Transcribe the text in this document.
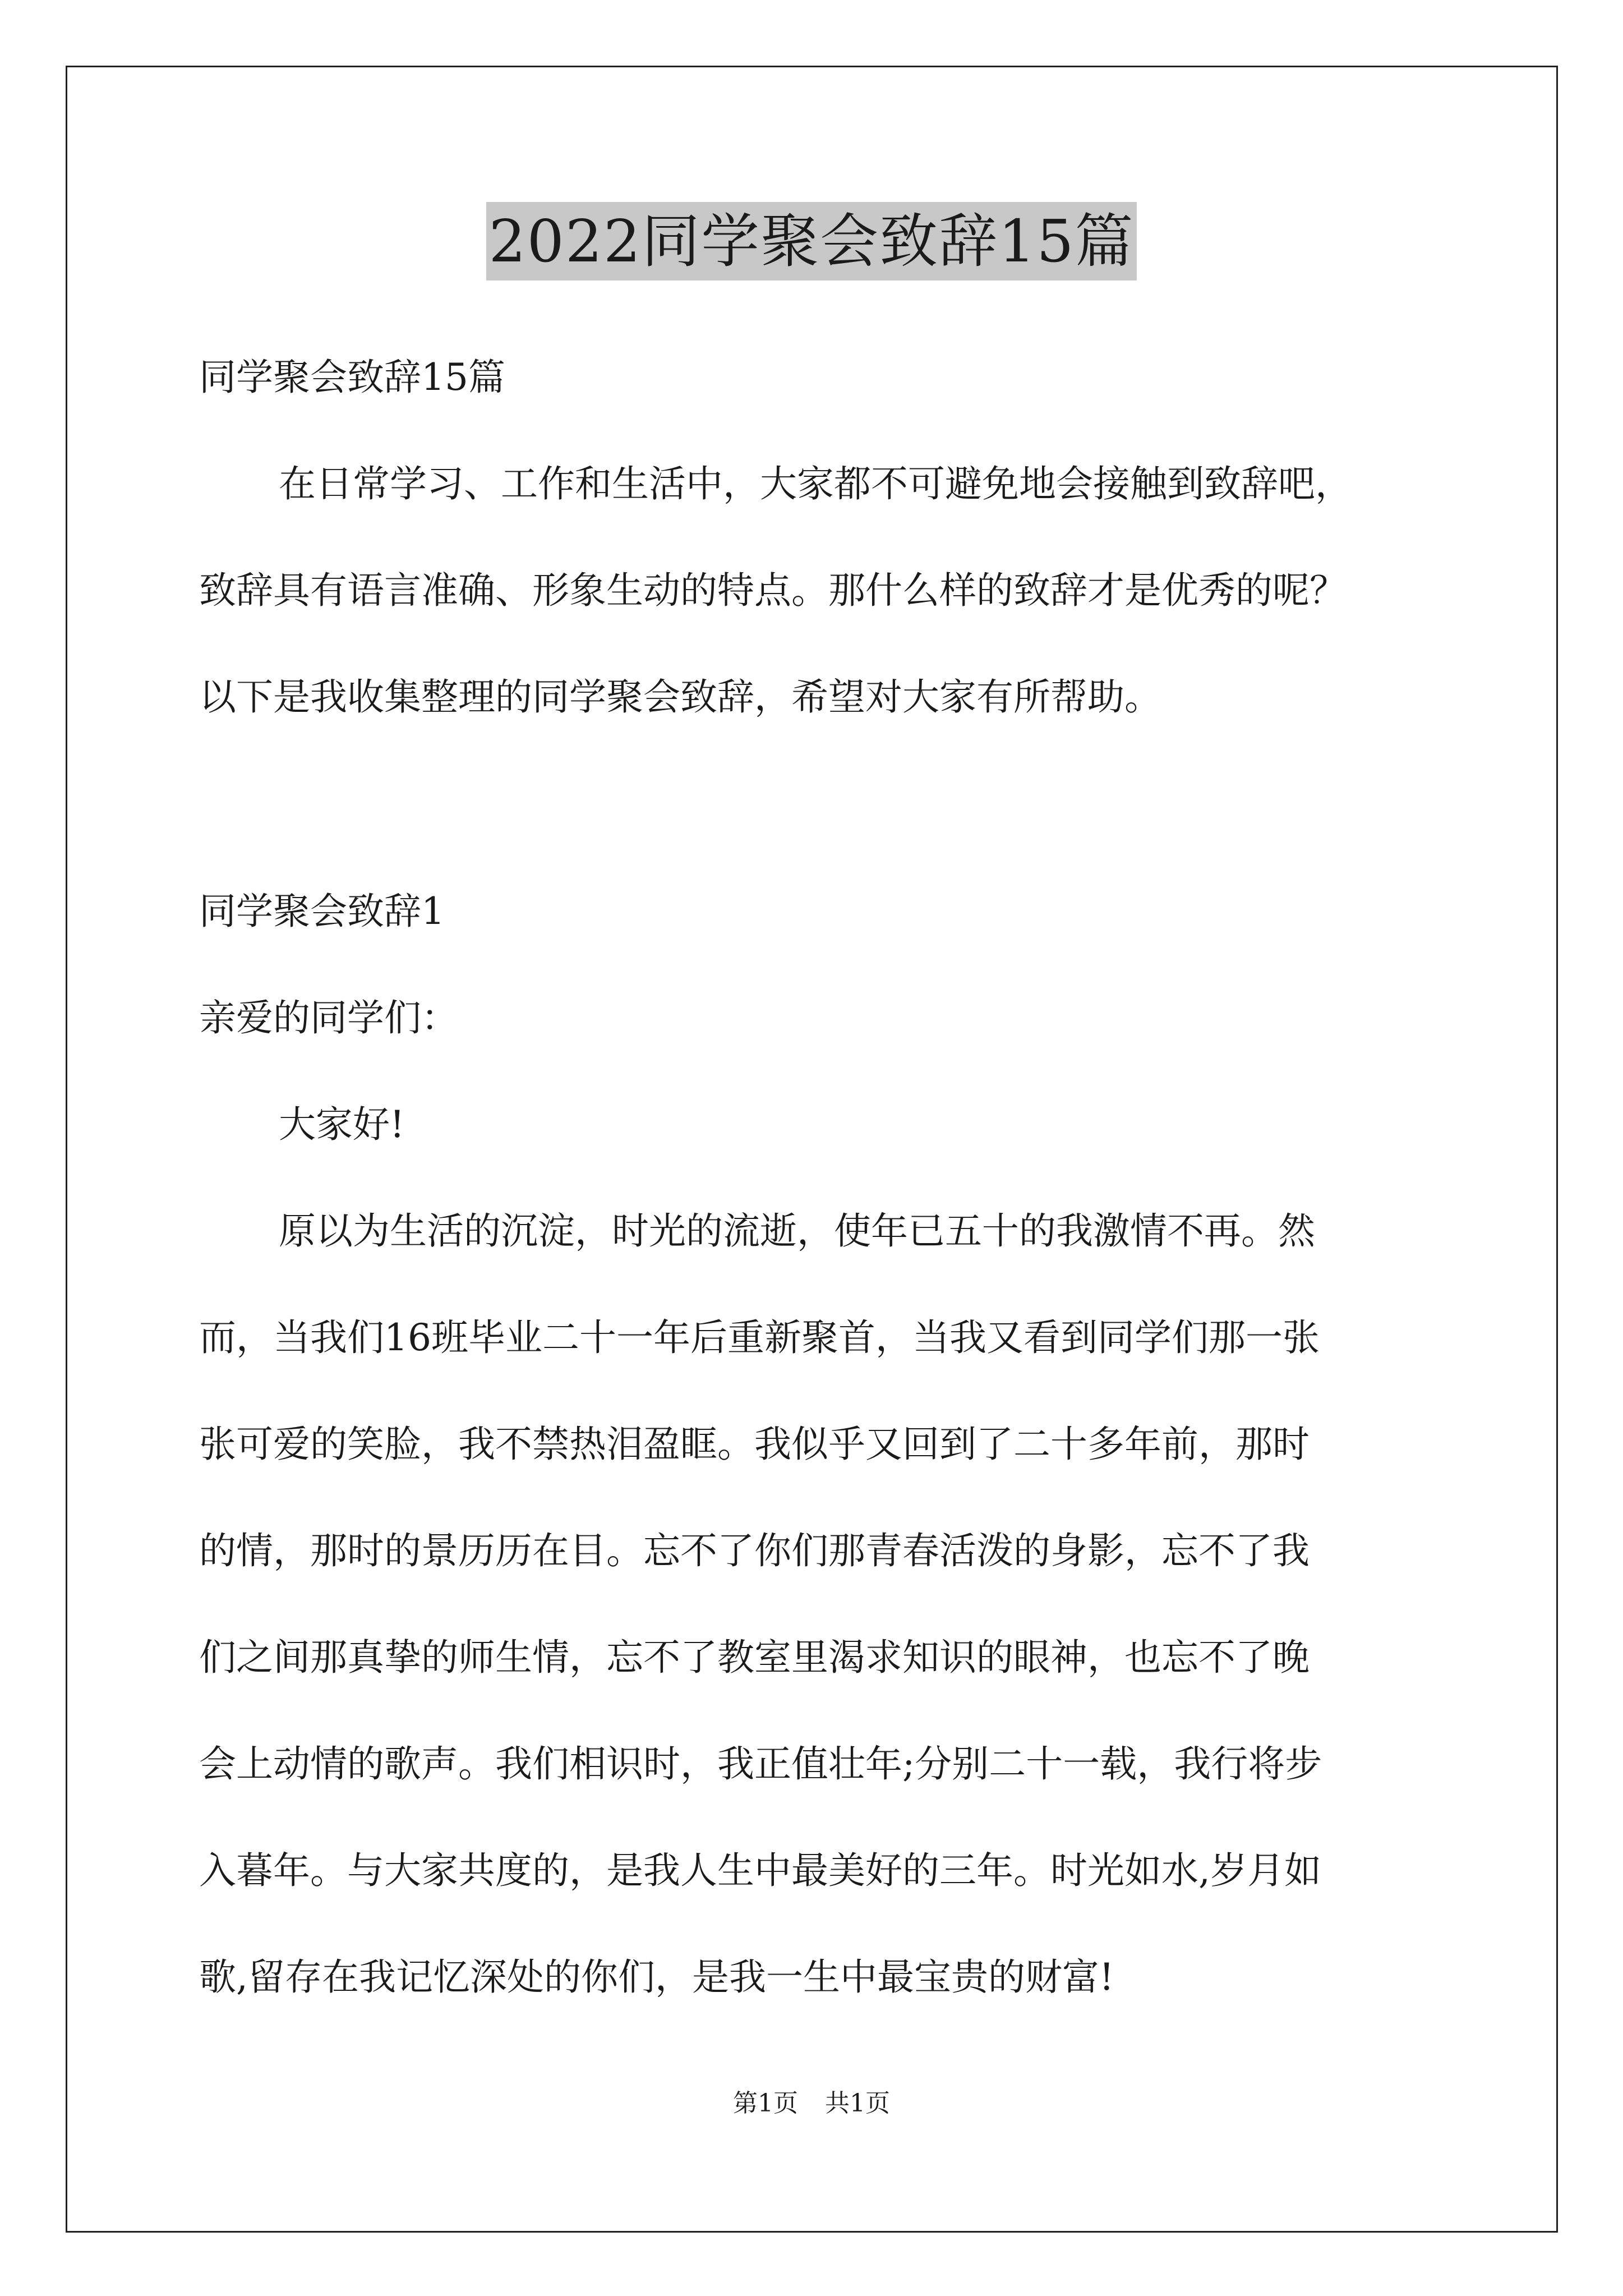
2022同学聚会致辞15篇
同学聚会致辞15篇
在日常学习、工作和生活中，大家都不可避免地会接触到致辞吧，
致辞具有语言准确、形象生动的特点。那什么样的致辞才是优秀的呢？
以下是我收集整理的同学聚会致辞，希望对大家有所帮助。
同学聚会致辞1
亲爱的同学们：
大家好!
原以为生活的沉淀，时光的流逝，使年已五十的我激情不再。然
而，当我们16班毕业二十一年后重新聚首，当我又看到同学们那一张
张可爱的笑脸，我不禁热泪盈眶。我似乎又回到了二十多年前，那时
的情，那时的景历历在目。忘不了你们那青春活泼的身影，忘不了我
们之间那真挚的师生情，忘不了教室里渴求知识的眼神，也忘不了晚
会上动情的歌声。我们相识时，我正值壮年;分别二十一载，我行将步
入暮年。与大家共度的，是我人生中最美好的三年。时光如水,岁月如
歌,留存在我记忆深处的你们，是我一生中最宝贵的财富!
第1页 共1页
